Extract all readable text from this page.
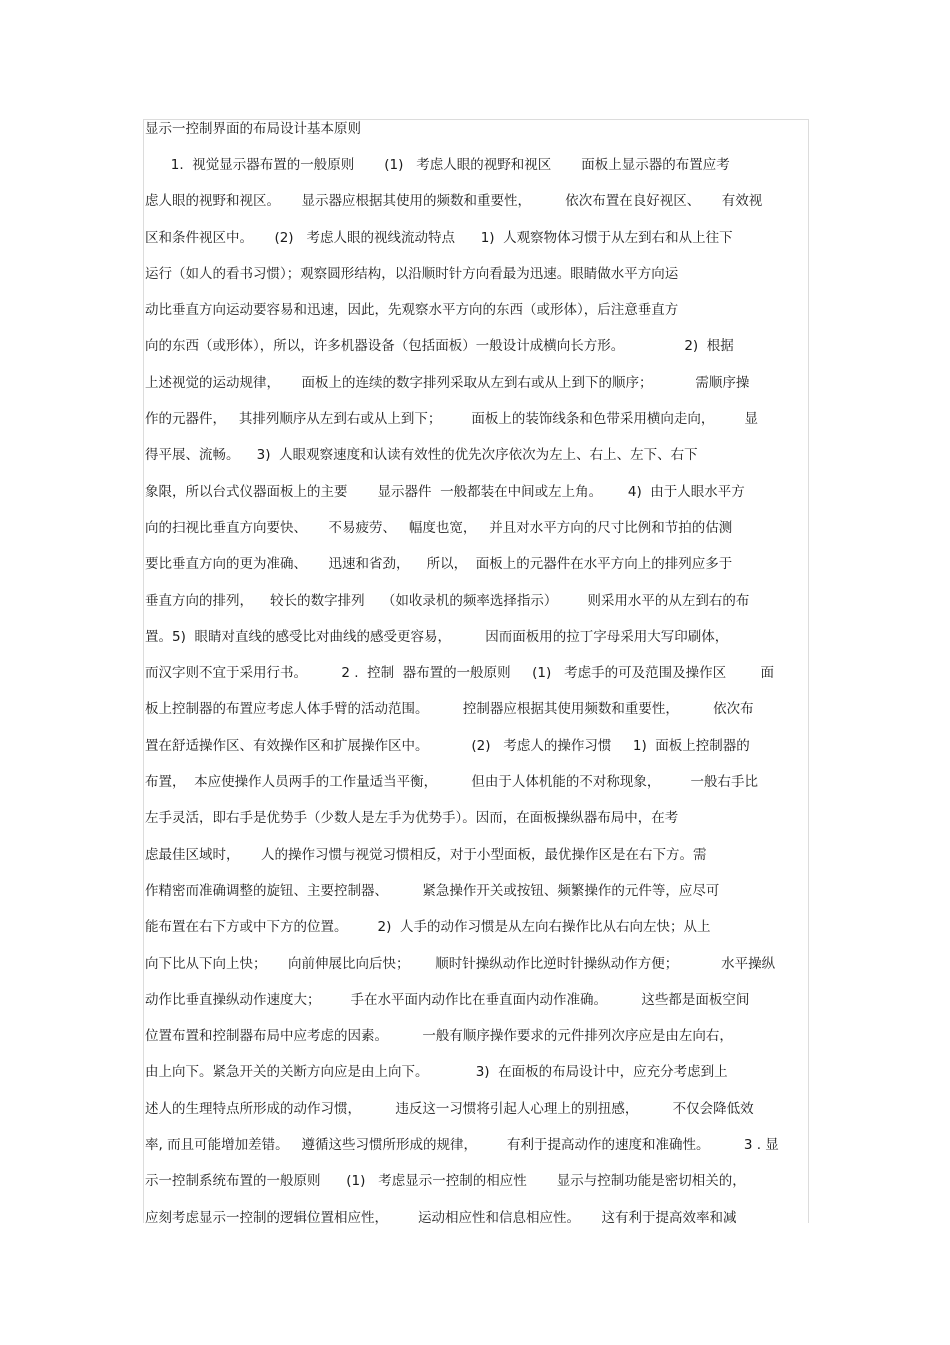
显示一控制界面的布局设计基本原则
1.  视觉显示器布置的一般原则       (1)   考虑人眼的视野和视区       面板上显示器的布置应考
虑人眼的视野和视区。     显示器应根据其使用的频数和重要性，        依次布置在良好视区、     有效视
区和条件视区中。     (2)   考虑人眼的视线流动特点      1)  人观察物体习惯于从左到右和从上往下
运行（如人的看书习惯）；观察圆形结构，以沿顺时针方向看最为迅速。眼睛做水平方向运
动比垂直方向运动要容易和迅速，因此，先观察水平方向的东西（或形体），后注意垂直方
向的东西（或形体），所以，许多机器设备（包括面板）一般设计成横向长方形。              2)  根据
上述视觉的运动规律，     面板上的连续的数字排列采取从左到右或从上到下的顺序；          需顺序操
作的元器件，   其排列顺序从左到右或从上到下；       面板上的装饰线条和色带采用横向走向，       显
得平展、流畅。    3)  人眼观察速度和认读有效性的优先次序依次为左上、右上、左下、右下
象限，所以台式仪器面板上的主要       显示器件  一般都装在中间或左上角。      4)  由于人眼水平方
向的扫视比垂直方向要快、     不易疲劳、   幅度也宽，   并且对水平方向的尺寸比例和节拍的估测
要比垂直方向的更为准确、     迅速和省劲，    所以，  面板上的元器件在水平方向上的排列应多于
垂直方向的排列，    较长的数字排列    （如收录机的频率选择指示）       则采用水平的从左到右的布
置。5)  眼睛对直线的感受比对曲线的感受更容易，        因而面板用的拉丁字母采用大写印刷体，
而汉字则不宜于采用行书。        2 .  控制  器布置的一般原则     (1)   考虑手的可及范围及操作区        面
板上控制器的布置应考虑人体手臂的活动范围。        控制器应根据其使用频数和重要性，        依次布
置在舒适操作区、有效操作区和扩展操作区中。          (2)   考虑人的操作习惯     1)  面板上控制器的
布置，  本应使操作人员两手的工作量适当平衡，        但由于人体机能的不对称现象，       一般右手比
左手灵活，即右手是优势手（少数人是左手为优势手）。因而，在面板操纵器布局中，在考
虑最佳区域时，     人的操作习惯与视觉习惯相反，对于小型面板，最优操作区是在右下方。需
作精密而准确调整的旋钮、主要控制器、        紧急操作开关或按钮、频繁操作的元件等，应尽可
能布置在右下方或中下方的位置。       2)  人手的动作习惯是从左向右操作比从右向左快；从上
向下比从下向上快；     向前伸展比向后快；      顺时针操纵动作比逆时针操纵动作方便；          水平操纵
动作比垂直操纵动作速度大；       手在水平面内动作比在垂直面内动作准确。        这些都是面板空间
位置布置和控制器布局中应考虑的因素。        一般有顺序操作要求的元件排列次序应是由左向右，
由上向下。紧急开关的关断方向应是由上向下。           3)  在面板的布局设计中，应充分考虑到上
述人的生理特点所形成的动作习惯，        违反这一习惯将引起人心理上的别扭感，        不仅会降低效
率, 而且可能增加差错。   遵循这些习惯所形成的规律，       有利于提高动作的速度和准确性。        3 . 显
示一控制系统布置的一般原则      (1)   考虑显示一控制的相应性       显示与控制功能是密切相关的，
应刻考虑显示一控制的逻辑位置相应性，       运动相应性和信息相应性。     这有利于提高效率和减
